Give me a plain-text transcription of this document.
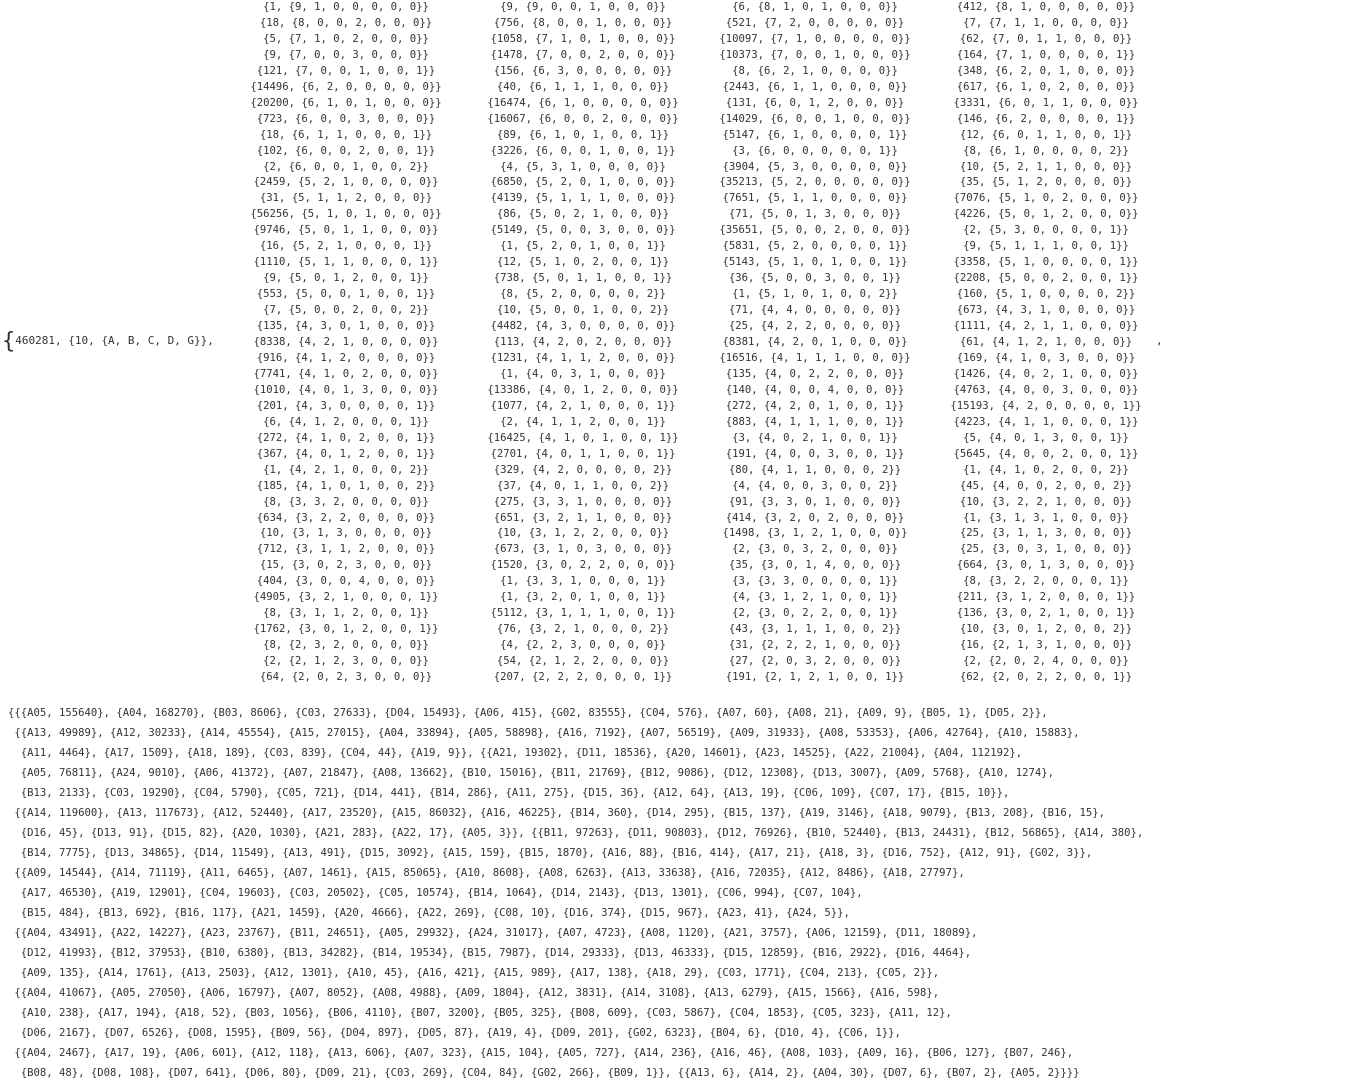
{460281, {10, {A, B, C, D, G}},
{1, {9, 1, 0, 0, 0, 0, 0}}
{18, {8, 0, 0, 2, 0, 0, 0}}
{5, {7, 1, 0, 2, 0, 0, 0}}
{9, {7, 0, 0, 3, 0, 0, 0}}
{121, {7, 0, 0, 1, 0, 0, 1}}
{14496, {6, 2, 0, 0, 0, 0, 0}}
{20200, {6, 1, 0, 1, 0, 0, 0}}
{723, {6, 0, 0, 3, 0, 0, 0}}
{18, {6, 1, 1, 0, 0, 0, 1}}
{102, {6, 0, 0, 2, 0, 0, 1}}
{2, {6, 0, 0, 1, 0, 0, 2}}
{2459, {5, 2, 1, 0, 0, 0, 0}}
{31, {5, 1, 1, 2, 0, 0, 0}}
{56256, {5, 1, 0, 1, 0, 0, 0}}
{9746, {5, 0, 1, 1, 0, 0, 0}}
{16, {5, 2, 1, 0, 0, 0, 1}}
{1110, {5, 1, 1, 0, 0, 0, 1}}
{9, {5, 0, 1, 2, 0, 0, 1}}
{553, {5, 0, 0, 1, 0, 0, 1}}
{7, {5, 0, 0, 2, 0, 0, 2}}
{135, {4, 3, 0, 1, 0, 0, 0}}
{8338, {4, 2, 1, 0, 0, 0, 0}}
{916, {4, 1, 2, 0, 0, 0, 0}}
{7741, {4, 1, 0, 2, 0, 0, 0}}
{1010, {4, 0, 1, 3, 0, 0, 0}}
{201, {4, 3, 0, 0, 0, 0, 1}}
{6, {4, 1, 2, 0, 0, 0, 1}}
{272, {4, 1, 0, 2, 0, 0, 1}}
{367, {4, 0, 1, 2, 0, 0, 1}}
{1, {4, 2, 1, 0, 0, 0, 2}}
{185, {4, 1, 0, 1, 0, 0, 2}}
{8, {3, 3, 2, 0, 0, 0, 0}}
{634, {3, 2, 2, 0, 0, 0, 0}}
{10, {3, 1, 3, 0, 0, 0, 0}}
{712, {3, 1, 1, 2, 0, 0, 0}}
{15, {3, 0, 2, 3, 0, 0, 0}}
{404, {3, 0, 0, 4, 0, 0, 0}}
{4905, {3, 2, 1, 0, 0, 0, 1}}
{8, {3, 1, 1, 2, 0, 0, 1}}
{1762, {3, 0, 1, 2, 0, 0, 1}}
{8, {2, 3, 2, 0, 0, 0, 0}}
{2, {2, 1, 2, 3, 0, 0, 0}}
{64, {2, 0, 2, 3, 0, 0, 0}}
{9, {9, 0, 0, 1, 0, 0, 0}}
{756, {8, 0, 0, 1, 0, 0, 0}}
{1058, {7, 1, 0, 1, 0, 0, 0}}
{1478, {7, 0, 0, 2, 0, 0, 0}}
{156, {6, 3, 0, 0, 0, 0, 0}}
{40, {6, 1, 1, 1, 0, 0, 0}}
{16474, {6, 1, 0, 0, 0, 0, 0}}
{16067, {6, 0, 0, 2, 0, 0, 0}}
{89, {6, 1, 0, 1, 0, 0, 1}}
{3226, {6, 0, 0, 1, 0, 0, 1}}
{4, {5, 3, 1, 0, 0, 0, 0}}
{6850, {5, 2, 0, 1, 0, 0, 0}}
{4139, {5, 1, 1, 1, 0, 0, 0}}
{86, {5, 0, 2, 1, 0, 0, 0}}
{5149, {5, 0, 0, 3, 0, 0, 0}}
{1, {5, 2, 0, 1, 0, 0, 1}}
{12, {5, 1, 0, 2, 0, 0, 1}}
{738, {5, 0, 1, 1, 0, 0, 1}}
{8, {5, 2, 0, 0, 0, 0, 2}}
{10, {5, 0, 0, 1, 0, 0, 2}}
{4482, {4, 3, 0, 0, 0, 0, 0}}
{113, {4, 2, 0, 2, 0, 0, 0}}
{1231, {4, 1, 1, 2, 0, 0, 0}}
{1, {4, 0, 3, 1, 0, 0, 0}}
{13386, {4, 0, 1, 2, 0, 0, 0}}
{1077, {4, 2, 1, 0, 0, 0, 1}}
{2, {4, 1, 1, 2, 0, 0, 1}}
{16425, {4, 1, 0, 1, 0, 0, 1}}
{2701, {4, 0, 1, 1, 0, 0, 1}}
{329, {4, 2, 0, 0, 0, 0, 2}}
{37, {4, 0, 1, 1, 0, 0, 2}}
{275, {3, 3, 1, 0, 0, 0, 0}}
{651, {3, 2, 1, 1, 0, 0, 0}}
{10, {3, 1, 2, 2, 0, 0, 0}}
{673, {3, 1, 0, 3, 0, 0, 0}}
{1520, {3, 0, 2, 2, 0, 0, 0}}
{1, {3, 3, 1, 0, 0, 0, 1}}
{1, {3, 2, 0, 1, 0, 0, 1}}
{5112, {3, 1, 1, 1, 0, 0, 1}}
{76, {3, 2, 1, 0, 0, 0, 2}}
{4, {2, 2, 3, 0, 0, 0, 0}}
{54, {2, 1, 2, 2, 0, 0, 0}}
{207, {2, 2, 2, 0, 0, 0, 1}}
{6, {8, 1, 0, 1, 0, 0, 0}}
{521, {7, 2, 0, 0, 0, 0, 0}}
{10097, {7, 1, 0, 0, 0, 0, 0}}
{10373, {7, 0, 0, 1, 0, 0, 0}}
{8, {6, 2, 1, 0, 0, 0, 0}}
{2443, {6, 1, 1, 0, 0, 0, 0}}
{131, {6, 0, 1, 2, 0, 0, 0}}
{14029, {6, 0, 0, 1, 0, 0, 0}}
{5147, {6, 1, 0, 0, 0, 0, 1}}
{3, {6, 0, 0, 0, 0, 0, 1}}
{3904, {5, 3, 0, 0, 0, 0, 0}}
{35213, {5, 2, 0, 0, 0, 0, 0}}
{7651, {5, 1, 1, 0, 0, 0, 0}}
{71, {5, 0, 1, 3, 0, 0, 0}}
{35651, {5, 0, 0, 2, 0, 0, 0}}
{5831, {5, 2, 0, 0, 0, 0, 1}}
{5143, {5, 1, 0, 1, 0, 0, 1}}
{36, {5, 0, 0, 3, 0, 0, 1}}
{1, {5, 1, 0, 1, 0, 0, 2}}
{71, {4, 4, 0, 0, 0, 0, 0}}
{25, {4, 2, 2, 0, 0, 0, 0}}
{8381, {4, 2, 0, 1, 0, 0, 0}}
{16516, {4, 1, 1, 1, 0, 0, 0}}
{135, {4, 0, 2, 2, 0, 0, 0}}
{140, {4, 0, 0, 4, 0, 0, 0}}
{272, {4, 2, 0, 1, 0, 0, 1}}
{883, {4, 1, 1, 1, 0, 0, 1}}
{3, {4, 0, 2, 1, 0, 0, 1}}
{191, {4, 0, 0, 3, 0, 0, 1}}
{80, {4, 1, 1, 0, 0, 0, 2}}
{4, {4, 0, 0, 3, 0, 0, 2}}
{91, {3, 3, 0, 1, 0, 0, 0}}
{414, {3, 2, 0, 2, 0, 0, 0}}
{1498, {3, 1, 2, 1, 0, 0, 0}}
{2, {3, 0, 3, 2, 0, 0, 0}}
{35, {3, 0, 1, 4, 0, 0, 0}}
{3, {3, 3, 0, 0, 0, 0, 1}}
{4, {3, 1, 2, 1, 0, 0, 1}}
{2, {3, 0, 2, 2, 0, 0, 1}}
{43, {3, 1, 1, 1, 0, 0, 2}}
{31, {2, 2, 2, 1, 0, 0, 0}}
{27, {2, 0, 3, 2, 0, 0, 0}}
{191, {2, 1, 2, 1, 0, 0, 1}}
{412, {8, 1, 0, 0, 0, 0, 0}}
{7, {7, 1, 1, 0, 0, 0, 0}}
{62, {7, 0, 1, 1, 0, 0, 0}}
{164, {7, 1, 0, 0, 0, 0, 1}}
{348, {6, 2, 0, 1, 0, 0, 0}}
{617, {6, 1, 0, 2, 0, 0, 0}}
{3331, {6, 0, 1, 1, 0, 0, 0}}
{146, {6, 2, 0, 0, 0, 0, 1}}
{12, {6, 0, 1, 1, 0, 0, 1}}
{8, {6, 1, 0, 0, 0, 0, 2}}
{10, {5, 2, 1, 1, 0, 0, 0}}
{35, {5, 1, 2, 0, 0, 0, 0}}
{7076, {5, 1, 0, 2, 0, 0, 0}}
{4226, {5, 0, 1, 2, 0, 0, 0}}
{2, {5, 3, 0, 0, 0, 0, 1}}
{9, {5, 1, 1, 1, 0, 0, 1}}
{3358, {5, 1, 0, 0, 0, 0, 1}}
{2208, {5, 0, 0, 2, 0, 0, 1}}
{160, {5, 1, 0, 0, 0, 0, 2}}
{673, {4, 3, 1, 0, 0, 0, 0}}
{1111, {4, 2, 1, 1, 0, 0, 0}}
{61, {4, 1, 2, 1, 0, 0, 0}}
{169, {4, 1, 0, 3, 0, 0, 0}}
{1426, {4, 0, 2, 1, 0, 0, 0}}
{4763, {4, 0, 0, 3, 0, 0, 0}}
{15193, {4, 2, 0, 0, 0, 0, 1}}
{4223, {4, 1, 1, 0, 0, 0, 1}}
{5, {4, 0, 1, 3, 0, 0, 1}}
{5645, {4, 0, 0, 2, 0, 0, 1}}
{1, {4, 1, 0, 2, 0, 0, 2}}
{45, {4, 0, 0, 2, 0, 0, 2}}
{10, {3, 2, 2, 1, 0, 0, 0}}
{1, {3, 1, 3, 1, 0, 0, 0}}
{25, {3, 1, 1, 3, 0, 0, 0}}
{25, {3, 0, 3, 1, 0, 0, 0}}
{664, {3, 0, 1, 3, 0, 0, 0}}
{8, {3, 2, 2, 0, 0, 0, 1}}
{211, {3, 1, 2, 0, 0, 0, 1}}
{136, {3, 0, 2, 1, 0, 0, 1}}
{10, {3, 0, 1, 2, 0, 0, 2}}
{16, {2, 1, 3, 1, 0, 0, 0}}
{2, {2, 0, 2, 4, 0, 0, 0}}
{62, {2, 0, 2, 2, 0, 0, 1}}
,
{{{A05, 155640}, {A04, 168270}, {B03, 8606}, {C03, 27633}, {D04, 15493}, {A06, 415}, {G02, 83555}, {C04, 576}, {A07, 60}, {A08, 21}, {A09, 9}, {B05, 1}, {D05, 2}},
{{A13, 49989}, {A12, 30233}, {A14, 45554}, {A15, 27015}, {A04, 33894}, {A05, 58898}, {A16, 7192}, {A07, 56519}, {A09, 31933}, {A08, 53353}, {A06, 42764}, {A10, 15883},
{A11, 4464}, {A17, 1509}, {A18, 189}, {C03, 839}, {C04, 44}, {A19, 9}}, {{A21, 19302}, {D11, 18536}, {A20, 14601}, {A23, 14525}, {A22, 21004}, {A04, 112192},
{A05, 76811}, {A24, 9010}, {A06, 41372}, {A07, 21847}, {A08, 13662}, {B10, 15016}, {B11, 21769}, {B12, 9086}, {D12, 12308}, {D13, 3007}, {A09, 5768}, {A10, 1274},
{B13, 2133}, {C03, 19290}, {C04, 5790}, {C05, 721}, {D14, 441}, {B14, 286}, {A11, 275}, {D15, 36}, {A12, 64}, {A13, 19}, {C06, 109}, {C07, 17}, {B15, 10}},
{{A14, 119600}, {A13, 117673}, {A12, 52440}, {A17, 23520}, {A15, 86032}, {A16, 46225}, {B14, 360}, {D14, 295}, {B15, 137}, {A19, 3146}, {A18, 9079}, {B13, 208}, {B16, 15},
{D16, 45}, {D13, 91}, {D15, 82}, {A20, 1030}, {A21, 283}, {A22, 17}, {A05, 3}}, {{B11, 97263}, {D11, 90803}, {D12, 76926}, {B10, 52440}, {B13, 24431}, {B12, 56865}, {A14, 380},
{B14, 7775}, {D13, 34865}, {D14, 11549}, {A13, 491}, {D15, 3092}, {A15, 159}, {B15, 1870}, {A16, 88}, {B16, 414}, {A17, 21}, {A18, 3}, {D16, 752}, {A12, 91}, {G02, 3}},
{{A09, 14544}, {A14, 71119}, {A11, 6465}, {A07, 1461}, {A15, 85065}, {A10, 8608}, {A08, 6263}, {A13, 33638}, {A16, 72035}, {A12, 8486}, {A18, 27797},
{A17, 46530}, {A19, 12901}, {C04, 19603}, {C03, 20502}, {C05, 10574}, {B14, 1064}, {D14, 2143}, {D13, 1301}, {C06, 994}, {C07, 104},
{B15, 484}, {B13, 692}, {B16, 117}, {A21, 1459}, {A20, 4666}, {A22, 269}, {C08, 10}, {D16, 374}, {D15, 967}, {A23, 41}, {A24, 5}},
{{A04, 43491}, {A22, 14227}, {A23, 23767}, {B11, 24651}, {A05, 29932}, {A24, 31017}, {A07, 4723}, {A08, 1120}, {A21, 3757}, {A06, 12159}, {D11, 18089},
{D12, 41993}, {B12, 37953}, {B10, 6380}, {B13, 34282}, {B14, 19534}, {B15, 7987}, {D14, 29333}, {D13, 46333}, {D15, 12859}, {B16, 2922}, {D16, 4464},
{A09, 135}, {A14, 1761}, {A13, 2503}, {A12, 1301}, {A10, 45}, {A16, 421}, {A15, 989}, {A17, 138}, {A18, 29}, {C03, 1771}, {C04, 213}, {C05, 2}},
{{A04, 41067}, {A05, 27050}, {A06, 16797}, {A07, 8052}, {A08, 4988}, {A09, 1804}, {A12, 3831}, {A14, 3108}, {A13, 6279}, {A15, 1566}, {A16, 598},
{A10, 238}, {A17, 194}, {A18, 52}, {B03, 1056}, {B06, 4110}, {B07, 3200}, {B05, 325}, {B08, 609}, {C03, 5867}, {C04, 1853}, {C05, 323}, {A11, 12},
{D06, 2167}, {D07, 6526}, {D08, 1595}, {B09, 56}, {D04, 897}, {D05, 87}, {A19, 4}, {D09, 201}, {G02, 6323}, {B04, 6}, {D10, 4}, {C06, 1}},
{{A04, 2467}, {A17, 19}, {A06, 601}, {A12, 118}, {A13, 606}, {A07, 323}, {A15, 104}, {A05, 727}, {A14, 236}, {A16, 46}, {A08, 103}, {A09, 16}, {B06, 127}, {B07, 246},
{B08, 48}, {D08, 108}, {D07, 641}, {D06, 80}, {D09, 21}, {C03, 269}, {C04, 84}, {G02, 266}, {B09, 1}}, {{A13, 6}, {A14, 2}, {A04, 30}, {D07, 6}, {B07, 2}, {A05, 2}}}}
